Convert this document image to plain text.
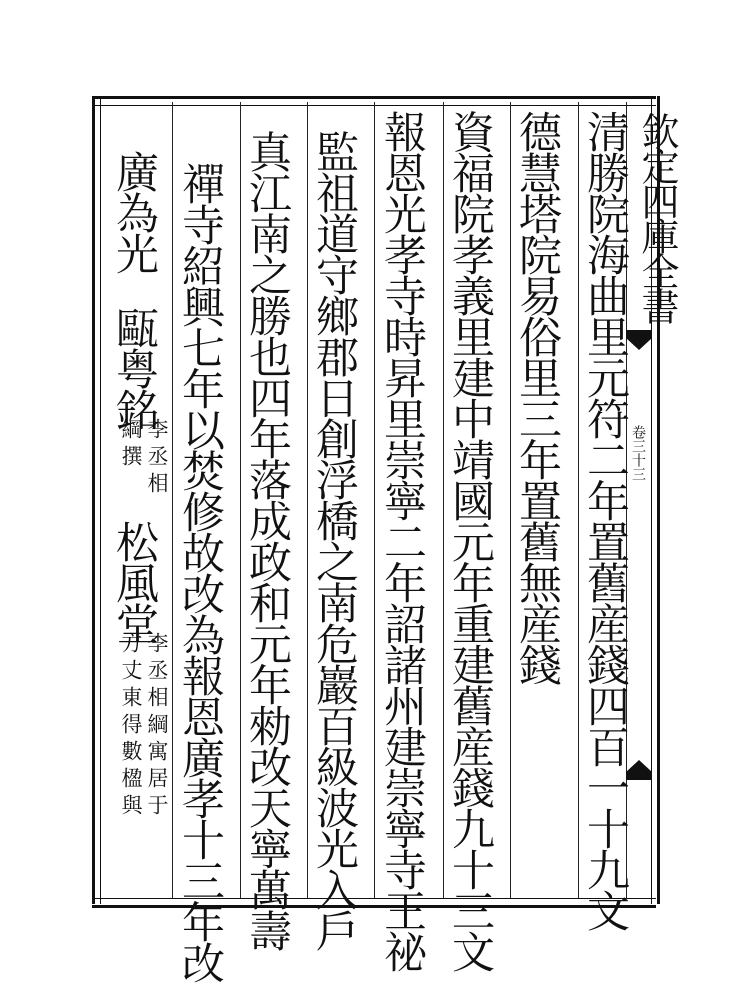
欽定四庫全書
卷三十三
清勝院海曲里元符二年置舊産錢四百一十九文
德慧塔院易俗里三年置舊無産錢
資福院孝義里建中靖國元年重建舊産錢九十三文
報恩光孝寺時昇里崇寧二年詔諸州建崇寧寺王祕
監祖道守鄉郡日創浮橋之南危巖百級波光入戶
真江南之勝也四年落成政和元年勑改天寧萬壽
禪寺紹興七年以焚修故改為報恩廣孝十三年改
廣為光
甌粤銘
李丞相
綱撰
松風堂
李丞相綱寓居于
方丈東得數楹與
